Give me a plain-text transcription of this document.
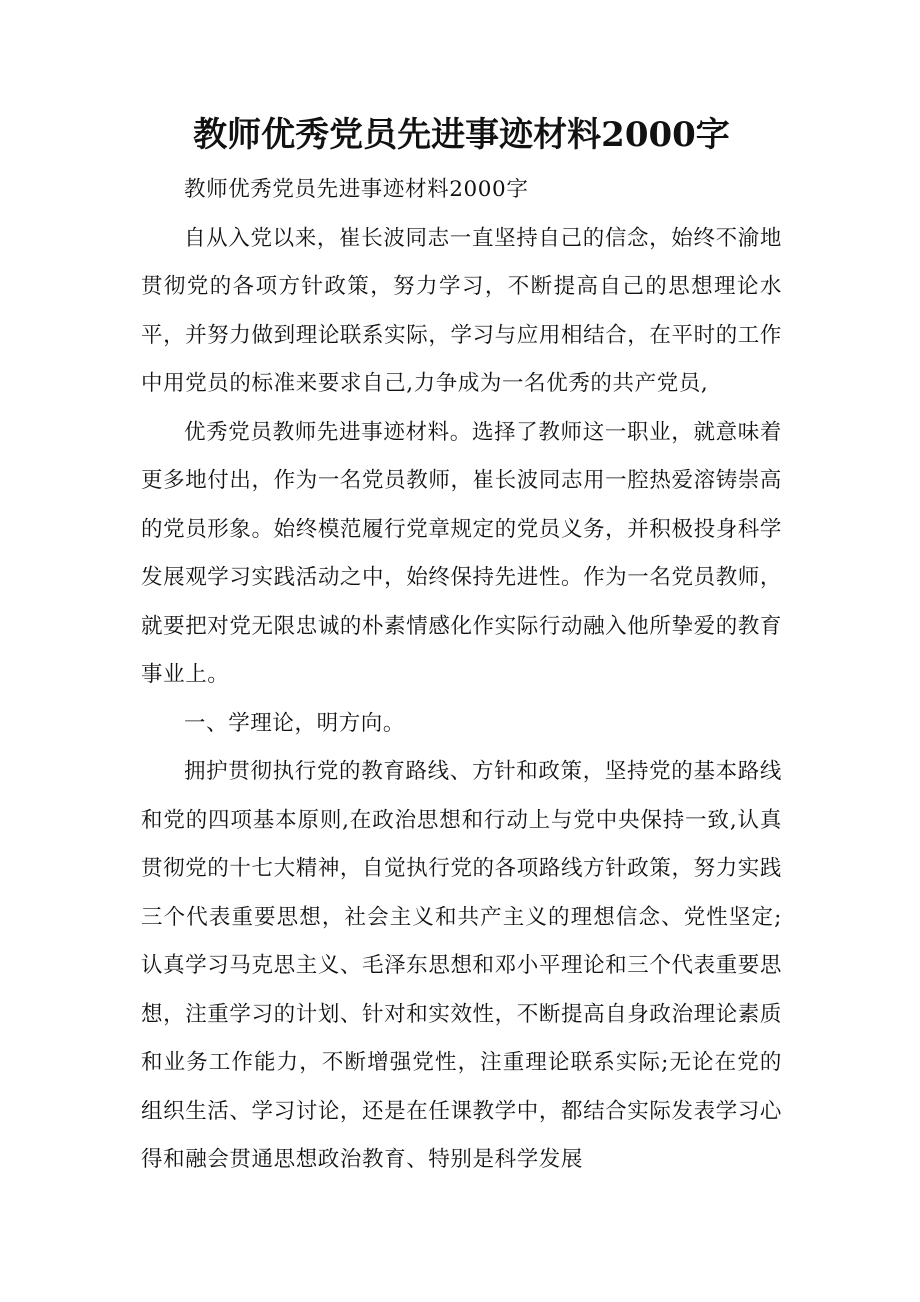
教师优秀党员先进事迹材料2000字

教师优秀党员先进事迹材料2000字

自从入党以来，崔长波同志一直坚持自己的信念，始终不渝地贯彻党的各项方针政策，努力学习，不断提高自己的思想理论水平，并努力做到理论联系实际，学习与应用相结合，在平时的工作中用党员的标准来要求自己,力争成为一名优秀的共产党员,

优秀党员教师先进事迹材料。选择了教师这一职业，就意味着更多地付出，作为一名党员教师，崔长波同志用一腔热爱溶铸崇高的党员形象。始终模范履行党章规定的党员义务，并积极投身科学发展观学习实践活动之中，始终保持先进性。作为一名党员教师，就要把对党无限忠诚的朴素情感化作实际行动融入他所挚爱的教育事业上。

一、学理论，明方向。

拥护贯彻执行党的教育路线、方针和政策，坚持党的基本路线和党的四项基本原则,在政治思想和行动上与党中央保持一致,认真贯彻党的十七大精神，自觉执行党的各项路线方针政策，努力实践三个代表重要思想，社会主义和共产主义的理想信念、党性坚定;认真学习马克思主义、毛泽东思想和邓小平理论和三个代表重要思想，注重学习的计划、针对和实效性，不断提高自身政治理论素质和业务工作能力，不断增强党性，注重理论联系实际;无论在党的组织生活、学习讨论，还是在任课教学中，都结合实际发表学习心得和融会贯通思想政治教育、特别是科学发展
